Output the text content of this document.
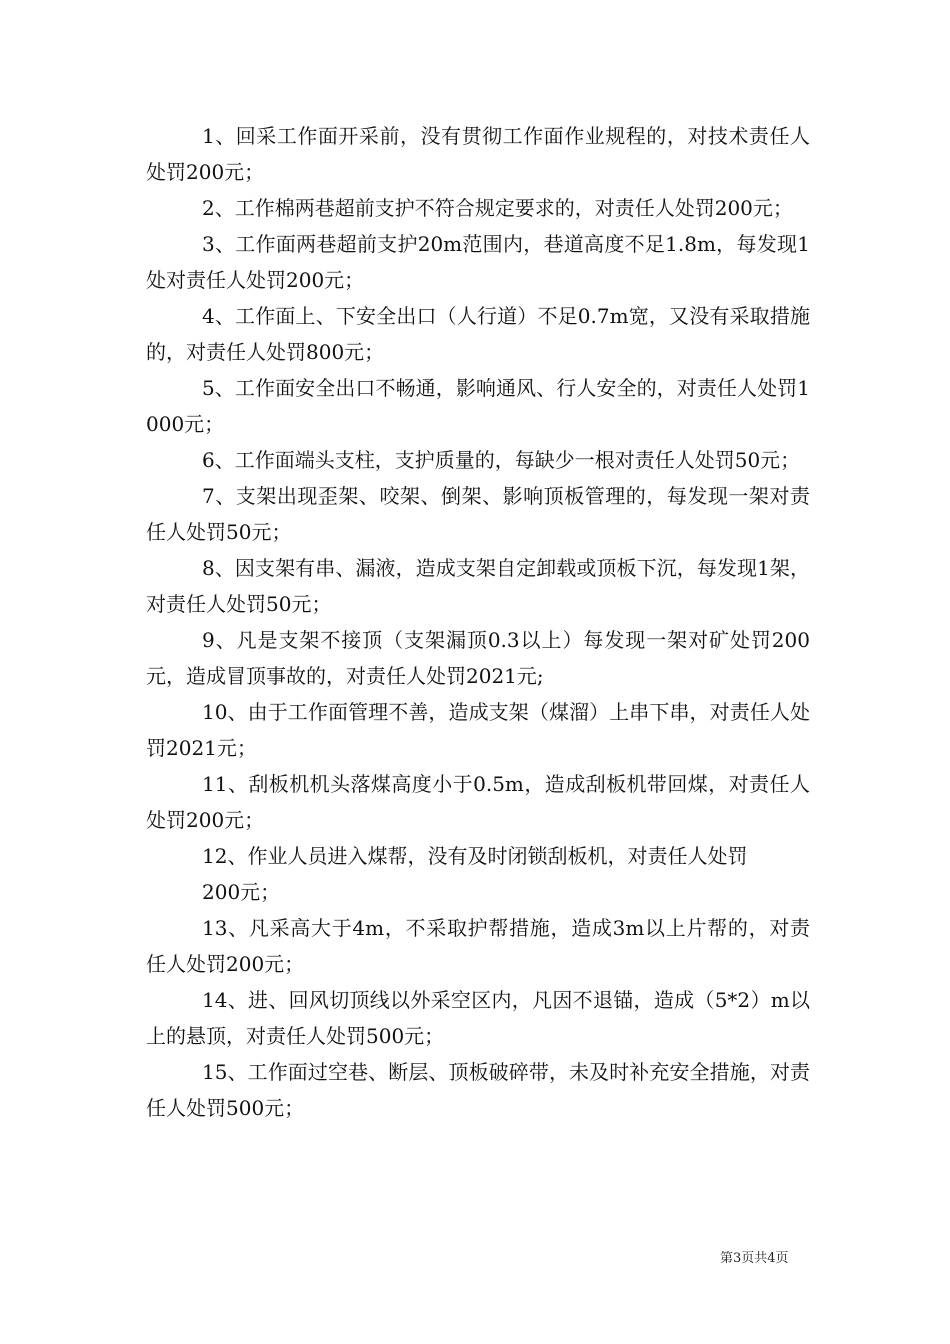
1、回采工作面开采前，没有贯彻工作面作业规程的，对技术责任人处罚200元；

2、工作棉两巷超前支护不符合规定要求的，对责任人处罚200元；

3、工作面两巷超前支护20m范围内，巷道高度不足1.8m，每发现1处对责任人处罚200元；

4、工作面上、下安全出口（人行道）不足0.7m宽，又没有采取措施的，对责任人处罚800元；

5、工作面安全出口不畅通，影响通风、行人安全的，对责任人处罚1000元；

6、工作面端头支柱，支护质量的，每缺少一根对责任人处罚50元；

7、支架出现歪架、咬架、倒架、影响顶板管理的，每发现一架对责任人处罚50元；

8、因支架有串、漏液，造成支架自定卸载或顶板下沉，每发现1架，对责任人处罚50元；

9、凡是支架不接顶（支架漏顶0.3以上）每发现一架对矿处罚200元，造成冒顶事故的，对责任人处罚2021元;

10、由于工作面管理不善，造成支架（煤溜）上串下串，对责任人处罚2021元；

11、刮板机机头落煤高度小于0.5m，造成刮板机带回煤，对责任人处罚200元；

12、作业人员进入煤帮，没有及时闭锁刮板机，对责任人处罚

200元；

13、凡采高大于4m，不采取护帮措施，造成3m以上片帮的，对责任人处罚200元；

14、进、回风切顶线以外采空区内，凡因不退锚，造成（5*2）m以上的悬顶，对责任人处罚500元；

15、工作面过空巷、断层、顶板破碎带，未及时补充安全措施，对责任人处罚500元；

第3页共4页
